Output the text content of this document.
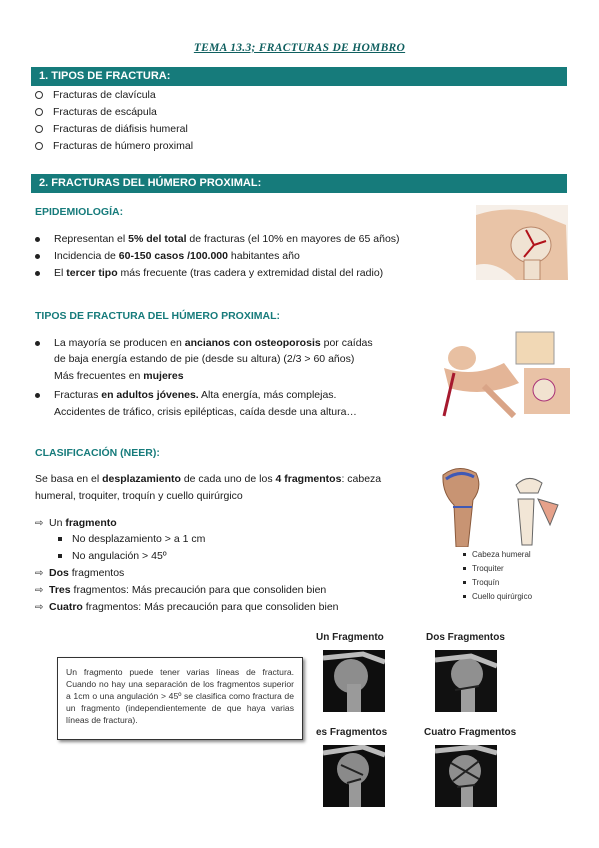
TEMA 13.3; FRACTURAS DE HOMBRO
1. TIPOS DE FRACTURA:
Fracturas de clavícula
Fracturas de escápula
Fracturas de diáfisis humeral
Fracturas de húmero proximal
2. FRACTURAS DEL HÚMERO PROXIMAL:
EPIDEMIOLOGÍA:
Representan el 5% del total de fracturas (el 10% en mayores de 65 años)
Incidencia de 60-150 casos /100.000 habitantes año
El tercer tipo más frecuente (tras cadera y extremidad distal del radio)
TIPOS DE FRACTURA DEL HÚMERO PROXIMAL:
La mayoría se producen en ancianos con osteoporosis por caídas
de baja energía estando de pie (desde su altura) (2/3 > 60 años)
Más frecuentes en mujeres
Fracturas en adultos jóvenes. Alta energía, más complejas.
Accidentes de tráfico, crisis epilépticas, caída desde una altura…
CLASIFICACIÓN (NEER):
Se basa en el desplazamiento de cada uno de los 4 fragmentos: cabeza
humeral, troquiter, troquín y cuello quirúrgico
⇨ Un fragmento
No desplazamiento > a 1 cm
No angulación > 45º
⇨ Dos fragmentos
⇨ Tres fragmentos: Más precaución para que consoliden bien
⇨ Cuatro fragmentos: Más precaución para que consoliden bien
Cabeza humeral
Troquiter
Troquín
Cuello quirúrgico
Un fragmento puede tener varias líneas de fractura. Cuando no hay una separación de los fragmentos superior a 1cm o una angulación > 45º se clasifica como fractura de un fragmento (independientemente de que haya varias líneas de fractura).
Un Fragmento	Dos Fragmentos
es Fragmentos	Cuatro Fragmentos
